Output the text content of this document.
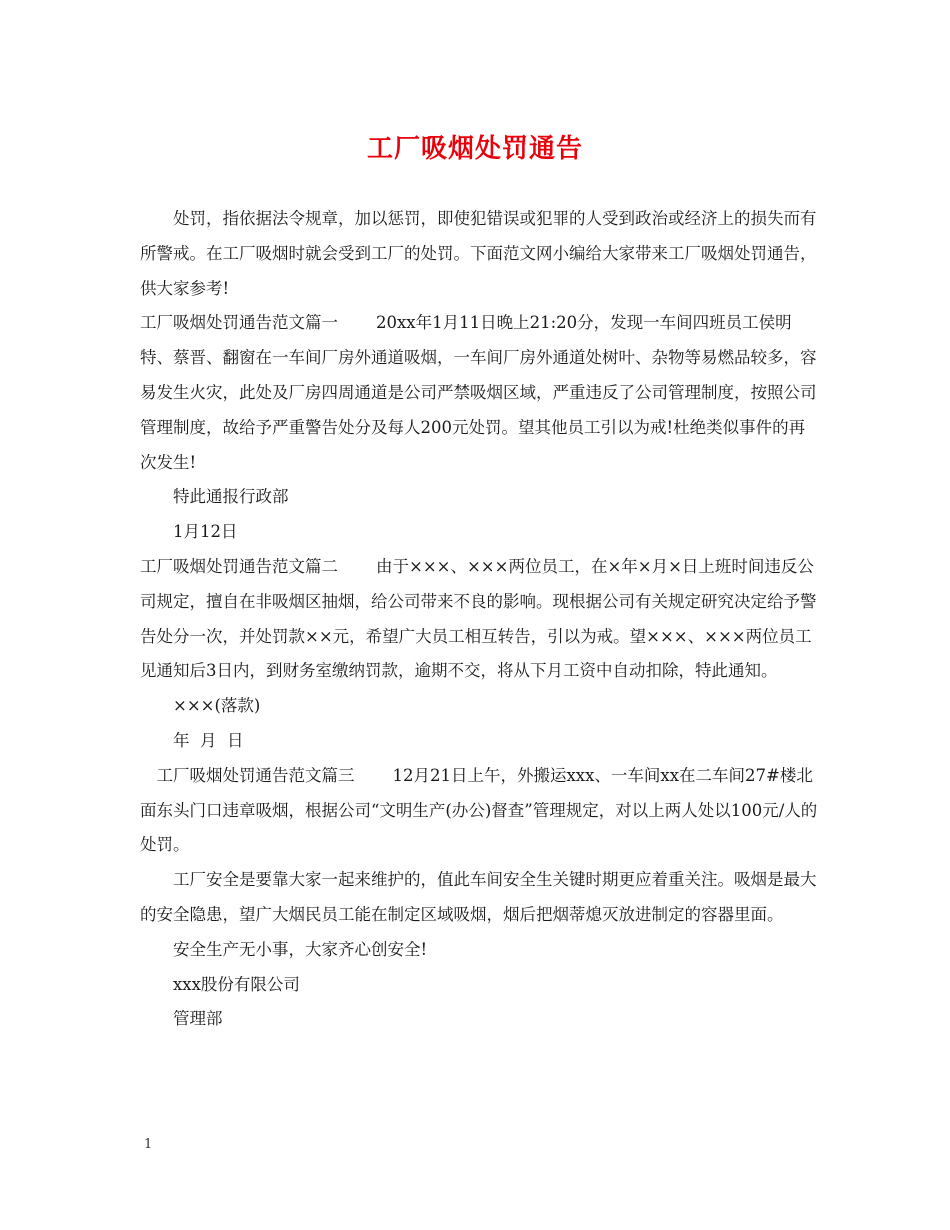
工厂吸烟处罚通告

处罚，指依据法令规章，加以惩罚，即使犯错误或犯罪的人受到政治或经济上的损失而有所警戒。在工厂吸烟时就会受到工厂的处罚。下面范文网小编给大家带来工厂吸烟处罚通告，供大家参考!

工厂吸烟处罚通告范文篇一 20xx年1月11日晚上21:20分，发现一车间四班员工侯明特、蔡晋、翻窗在一车间厂房外通道吸烟，一车间厂房外通道处树叶、杂物等易燃品较多，容易发生火灾，此处及厂房四周通道是公司严禁吸烟区域，严重违反了公司管理制度，按照公司管理制度，故给予严重警告处分及每人200元处罚。望其他员工引以为戒!杜绝类似事件的再次发生!

特此通报行政部

1月12日

工厂吸烟处罚通告范文篇二 由于×××、×××两位员工，在×年×月×日上班时间违反公司规定，擅自在非吸烟区抽烟，给公司带来不良的影响。现根据公司有关规定研究决定给予警告处分一次，并处罚款××元，希望广大员工相互转告，引以为戒。望×××、×××两位员工见通知后3日内，到财务室缴纳罚款，逾期不交，将从下月工资中自动扣除，特此通知。

×××(落款)

年  月  日

工厂吸烟处罚通告范文篇三 12月21日上午，外搬运xxx、一车间xx在二车间27#楼北面东头门口违章吸烟，根据公司“文明生产(办公)督查”管理规定，对以上两人处以100元/人的处罚。

工厂安全是要靠大家一起来维护的，值此车间安全生关键时期更应着重关注。吸烟是最大的安全隐患，望广大烟民员工能在制定区域吸烟，烟后把烟蒂熄灭放进制定的容器里面。

安全生产无小事，大家齐心创安全!

xxx股份有限公司

管理部

1
